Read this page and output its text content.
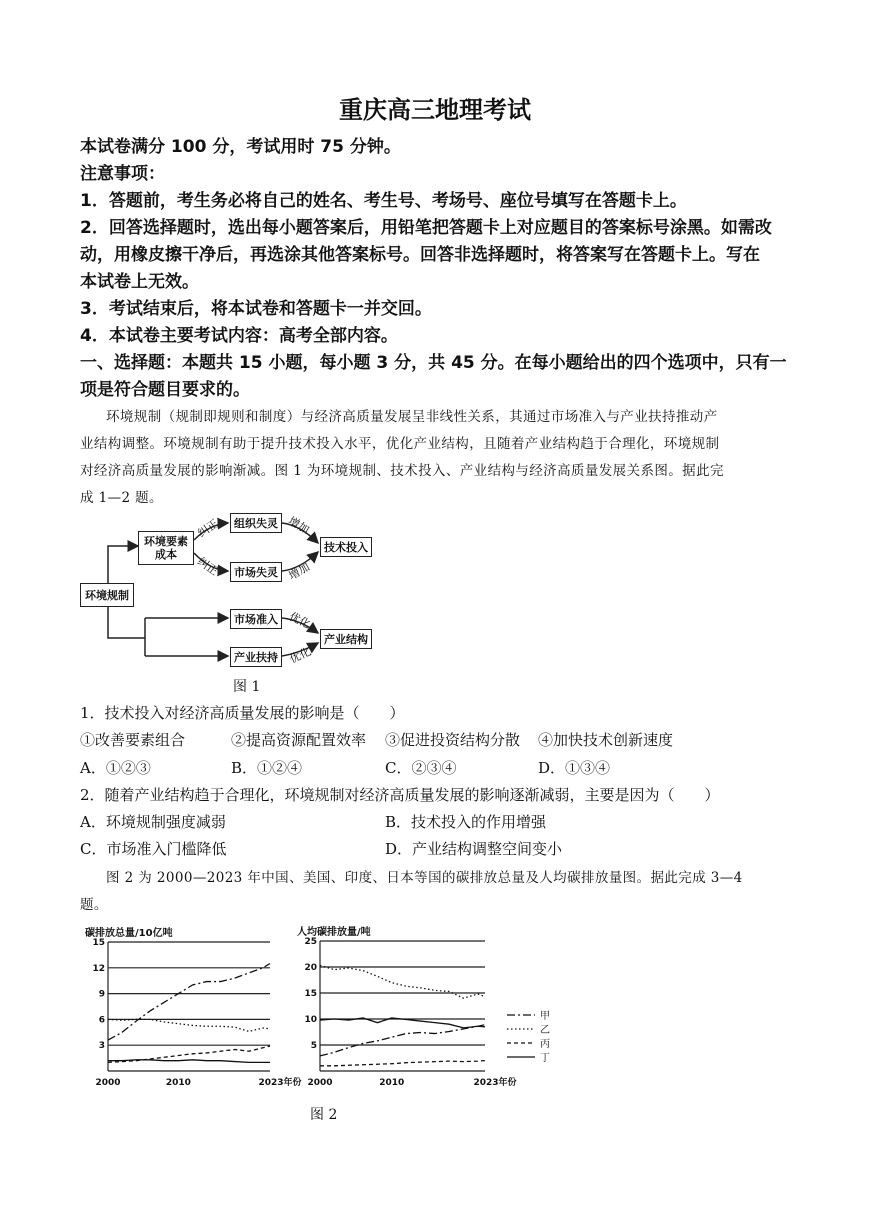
重庆高三地理考试
本试卷满分 100 分，考试用时 75 分钟。
注意事项：
1．答题前，考生务必将自己的姓名、考生号、考场号、座位号填写在答题卡上。
2．回答选择题时，选出每小题答案后，用铅笔把答题卡上对应题目的答案标号涂黑。如需改
动，用橡皮擦干净后，再选涂其他答案标号。回答非选择题时，将答案写在答题卡上。写在
本试卷上无效。
3．考试结束后，将本试卷和答题卡一并交回。
4．本试卷主要考试内容：高考全部内容。
一、选择题：本题共 15 小题，每小题 3 分，共 45 分。在每小题给出的四个选项中，只有一
项是符合题目要求的。
环境规制（规制即规则和制度）与经济高质量发展呈非线性关系，其通过市场准入与产业扶持推动产
业结构调整。环境规制有助于提升技术投入水平，优化产业结构，且随着产业结构趋于合理化，环境规制
对经济高质量发展的影响渐减。图 1 为环境规制、技术投入、产业结构与经济高质量发展关系图。据此完
成 1—2 题。
环境规制
环境要素
成本
组织失灵
市场失灵
技术投入
市场准入
产业扶持
产业结构
纠正
纠正
增加
增加
优化
优化
图 1
1．技术投入对经济高质量发展的影响是（　　）
①改善要素组合	②提高资源配置效率 ③促进投资结构分散 ④加快技术创新速度
A．①②③	B．①②④	C．②③④	D．①③④
2．随着产业结构趋于合理化，环境规制对经济高质量发展的影响逐渐减弱，主要是因为（　　）
A．环境规制强度减弱	B．技术投入的作用增强
C．市场准入门槛降低	D．产业结构调整空间变小
图 2 为 2000—2023 年中国、美国、印度、日本等国的碳排放总量及人均碳排放量图。据此完成 3—4
题。
碳排放总量/10亿吨
3
6
9
12
15
2000	2010	2023年份
人均碳排放量/吨
5
10
15
20
25
2000	2010	2023年份
甲
乙
丙
丁
图 2
